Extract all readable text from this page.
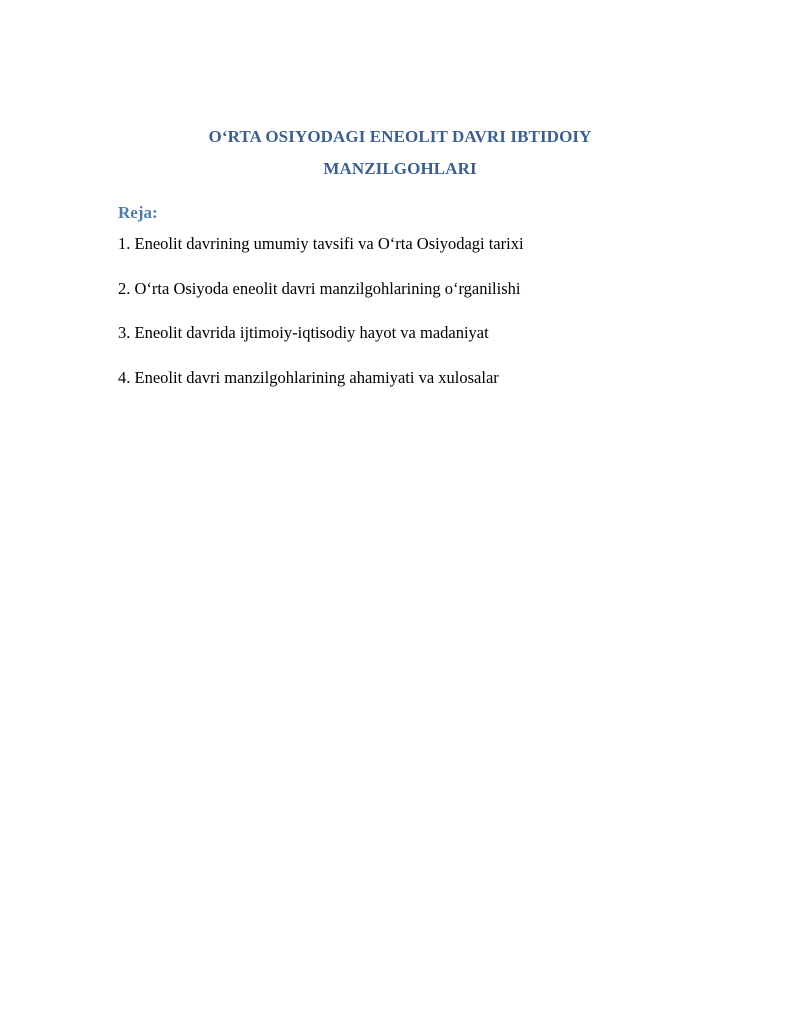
O‘RTA OSIYODAGI ENEOLIT DAVRI IBTIDOIY
MANZILGOHLARI
Reja:
1. Eneolit davrining umumiy tavsifi va O‘rta Osiyodagi tarixi
2. O‘rta Osiyoda eneolit davri manzilgohlarining o‘rganilishi
3. Eneolit davrida ijtimoiy-iqtisodiy hayot va madaniyat
4. Eneolit davri manzilgohlarining ahamiyati va xulosalar
